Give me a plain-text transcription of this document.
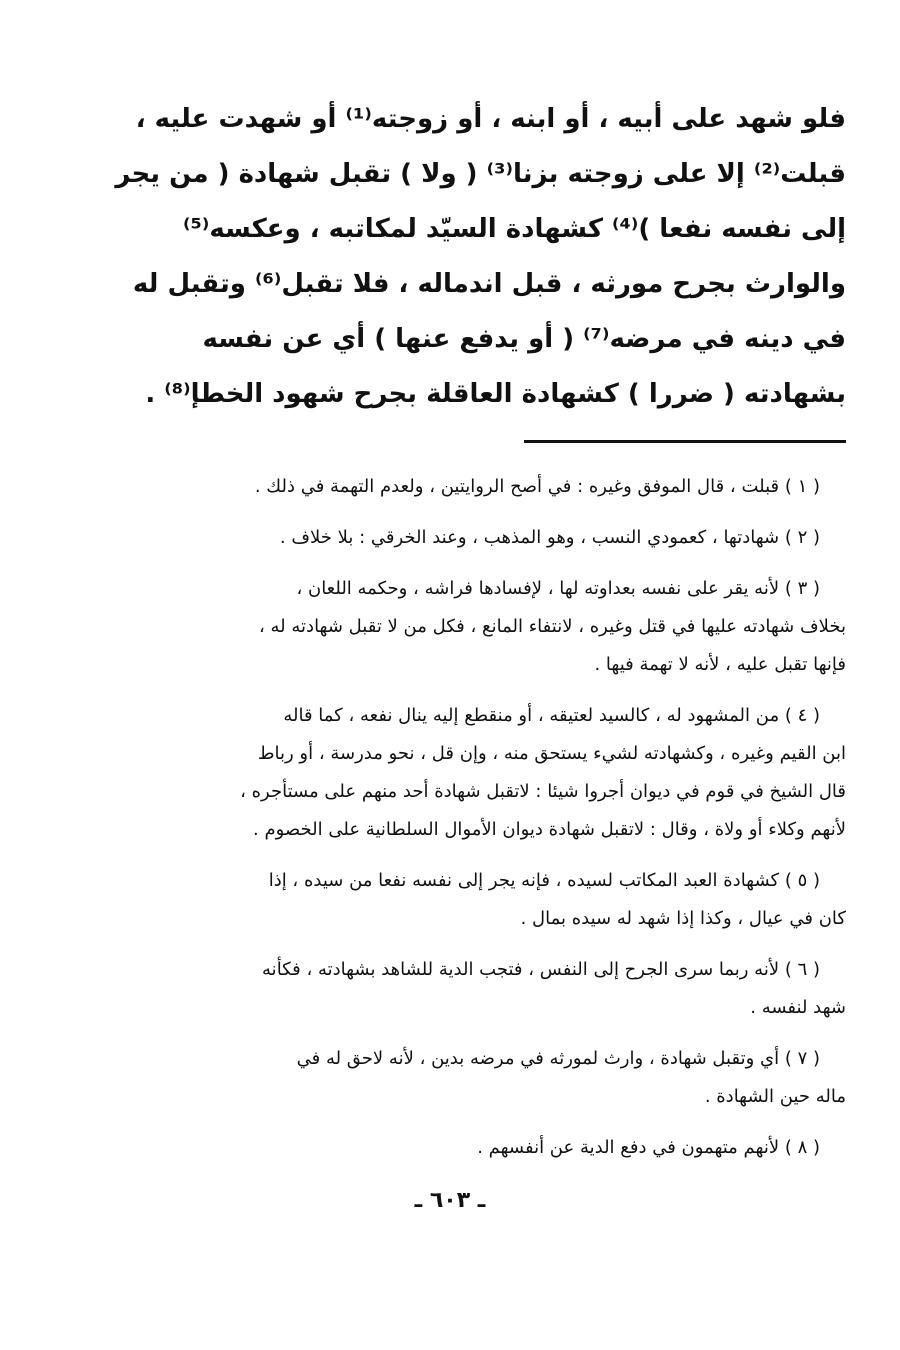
فلو شهد على أبيه ، أو ابنه ، أو زوجته⁽¹⁾ أو شهدت عليه ،
قبلت⁽²⁾ إلا على زوجته بزنا⁽³⁾ ( ولا ) تقبل شهادة ( من يجر
إلى نفسه نفعا )⁽⁴⁾ كشهادة السيّد لمكاتبه ، وعكسه⁽⁵⁾
والوارث بجرح مورثه ، قبل اندماله ، فلا تقبل⁽⁶⁾ وتقبل له
في دينه في مرضه⁽⁷⁾ ( أو يدفع عنها ) أي عن نفسه
بشهادته ( ضررا ) كشهادة العاقلة بجرح شهود الخطإ⁽⁸⁾ .
( ١ ) قبلت ، قال الموفق وغيره : في أصح الروايتين ، ولعدم التهمة في ذلك .
( ٢ ) شهادتها ، كعمودي النسب ، وهو المذهب ، وعند الخرقي : بلا خلاف .
( ٣ ) لأنه يقر على نفسه بعداوته لها ، لإفسادها فراشه ، وحكمه اللعان ،
بخلاف شهادته عليها في قتل وغيره ، لانتفاء المانع ، فكل من لا تقبل شهادته له ،
فإنها تقبل عليه ، لأنه لا تهمة فيها .
( ٤ ) من المشهود له ، كالسيد لعتيقه ، أو منقطع إليه ينال نفعه ، كما قاله
ابن القيم وغيره ، وكشهادته لشيء يستحق منه ، وإن قل ، نحو مدرسة ، أو رباط
قال الشيخ في قوم في ديوان أجروا شيئا : لاتقبل شهادة أحد منهم على مستأجره ،
لأنهم وكلاء أو ولاة ، وقال : لاتقبل شهادة ديوان الأموال السلطانية على الخصوم .
( ٥ ) كشهادة العبد المكاتب لسيده ، فإنه يجر إلى نفسه نفعا من سيده ، إذا
كان في عيال ، وكذا إذا شهد له سيده بمال .
( ٦ ) لأنه ربما سرى الجرح إلى النفس ، فتجب الدية للشاهد بشهادته ، فكأنه
شهد لنفسه .
( ٧ ) أي وتقبل شهادة ، وارث لمورثه في مرضه بدين ، لأنه لاحق له في
ماله حين الشهادة .
( ٨ ) لأنهم متهمون في دفع الدية عن أنفسهم .
ـ ٦٠٣ ـ
